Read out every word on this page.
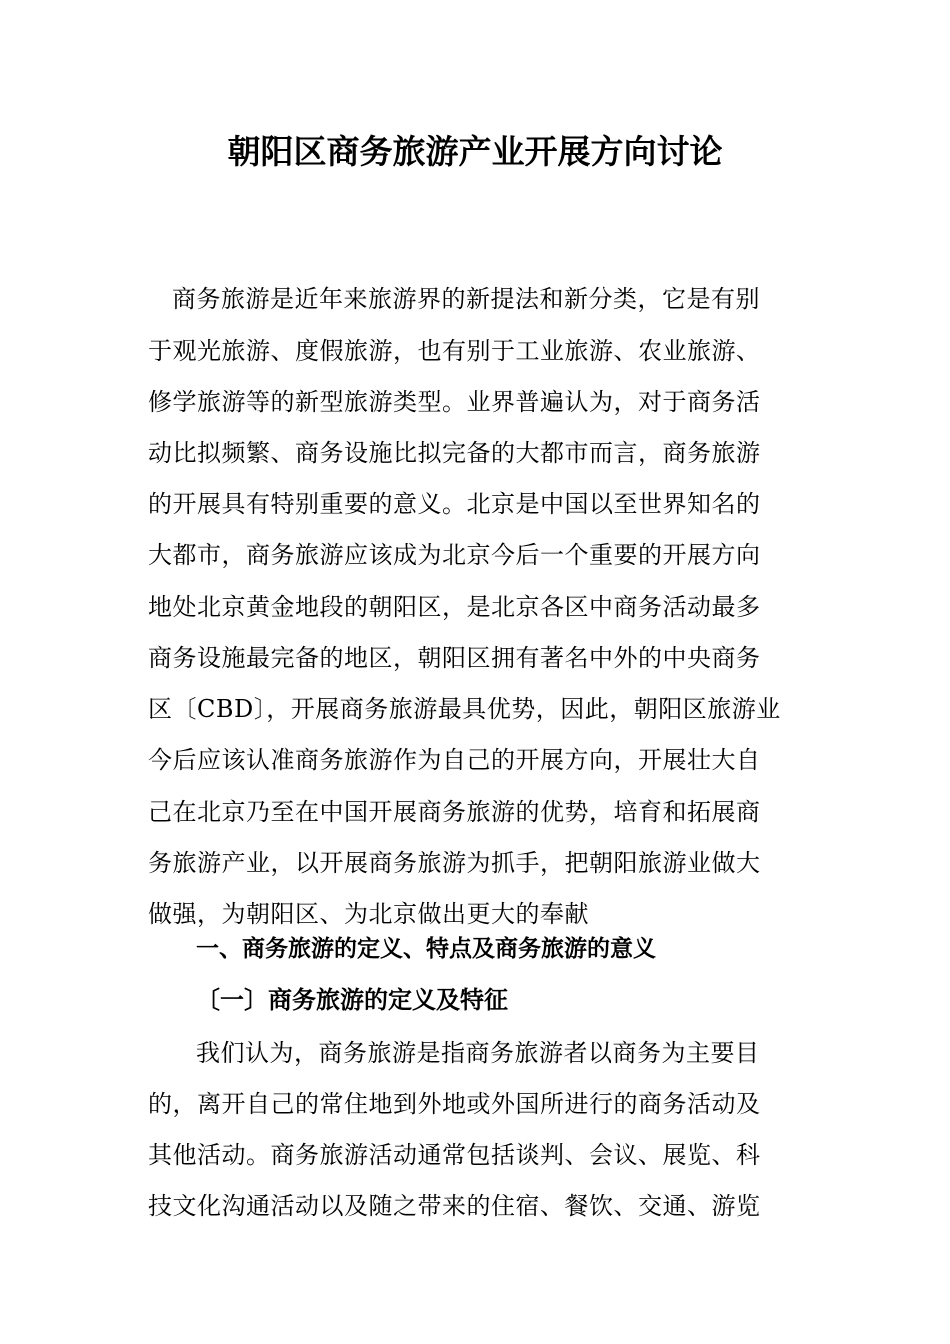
朝阳区商务旅游产业开展方向讨论
商务旅游是近年来旅游界的新提法和新分类，它是有别
于观光旅游、度假旅游，也有别于工业旅游、农业旅游、
修学旅游等的新型旅游类型。业界普遍认为，对于商务活
动比拟频繁、商务设施比拟完备的大都市而言，商务旅游
的开展具有特别重要的意义。北京是中国以至世界知名的
大都市，商务旅游应该成为北京今后一个重要的开展方向
地处北京黄金地段的朝阳区，是北京各区中商务活动最多
商务设施最完备的地区，朝阳区拥有著名中外的中央商务
区〔CBD〕，开展商务旅游最具优势，因此，朝阳区旅游业
今后应该认准商务旅游作为自己的开展方向，开展壮大自
己在北京乃至在中国开展商务旅游的优势，培育和拓展商
务旅游产业，以开展商务旅游为抓手，把朝阳旅游业做大
做强，为朝阳区、为北京做出更大的奉献
一、商务旅游的定义、特点及商务旅游的意义
〔一〕商务旅游的定义及特征
我们认为，商务旅游是指商务旅游者以商务为主要目
的，离开自己的常住地到外地或外国所进行的商务活动及
其他活动。商务旅游活动通常包括谈判、会议、展览、科
技文化沟通活动以及随之带来的住宿、餐饮、交通、游览
